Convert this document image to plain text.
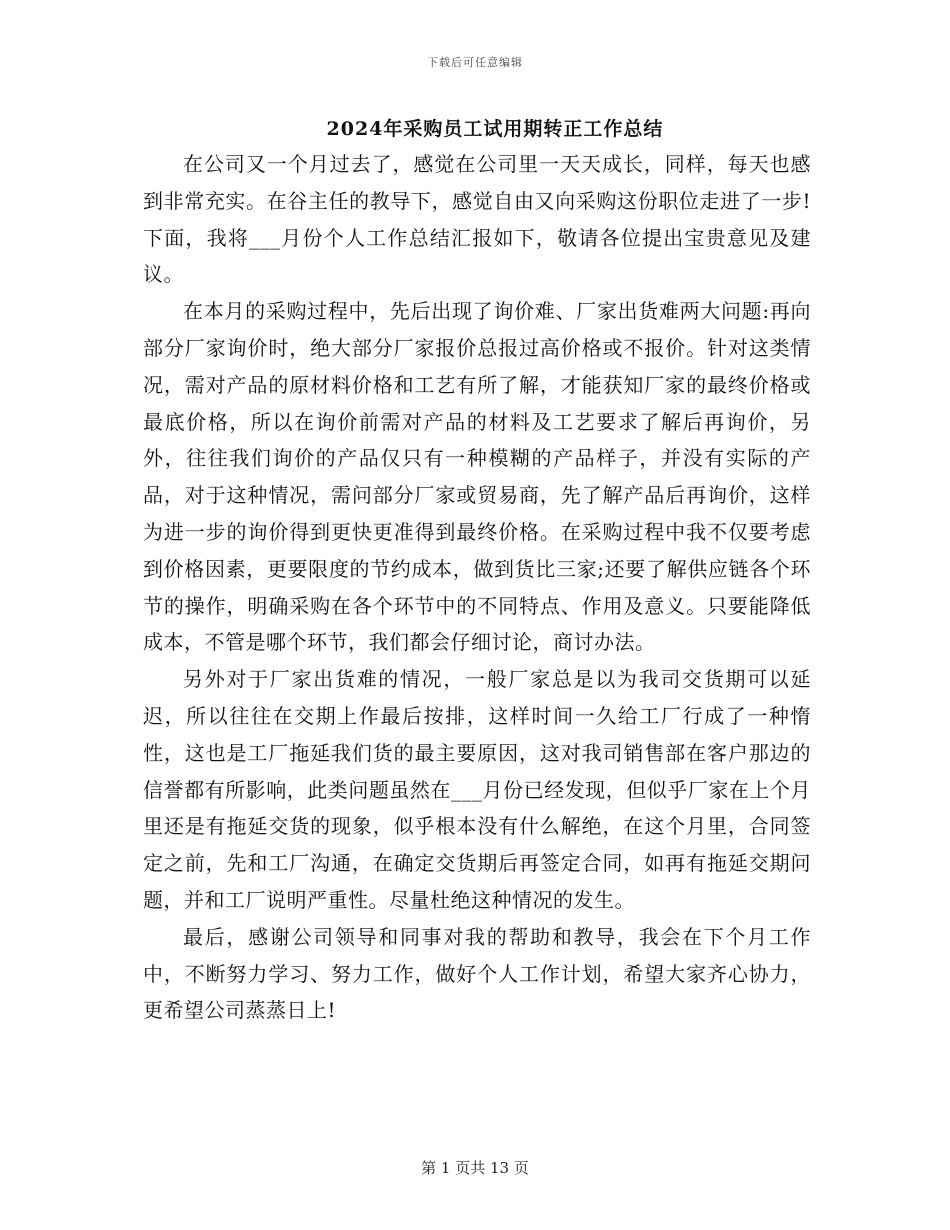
下载后可任意编辑
2024年采购员工试用期转正工作总结

在公司又一个月过去了，感觉在公司里一天天成长，同样，每天也感到非常充实。在谷主任的教导下，感觉自由又向采购这份职位走进了一步!下面，我将___月份个人工作总结汇报如下，敬请各位提出宝贵意见及建议。

在本月的采购过程中，先后出现了询价难、厂家出货难两大问题:再向部分厂家询价时，绝大部分厂家报价总报过高价格或不报价。针对这类情况，需对产品的原材料价格和工艺有所了解，才能获知厂家的最终价格或最底价格，所以在询价前需对产品的材料及工艺要求了解后再询价，另外，往往我们询价的产品仅只有一种模糊的产品样子，并没有实际的产品，对于这种情况，需问部分厂家或贸易商，先了解产品后再询价，这样为进一步的询价得到更快更准得到最终价格。在采购过程中我不仅要考虑到价格因素，更要限度的节约成本，做到货比三家;还要了解供应链各个环节的操作，明确采购在各个环节中的不同特点、作用及意义。只要能降低成本，不管是哪个环节，我们都会仔细讨论，商讨办法。

另外对于厂家出货难的情况，一般厂家总是以为我司交货期可以延迟，所以往往在交期上作最后按排，这样时间一久给工厂行成了一种惰性，这也是工厂拖延我们货的最主要原因，这对我司销售部在客户那边的信誉都有所影响，此类问题虽然在___月份已经发现，但似乎厂家在上个月里还是有拖延交货的现象，似乎根本没有什么解绝，在这个月里，合同签定之前，先和工厂沟通，在确定交货期后再签定合同，如再有拖延交期问题，并和工厂说明严重性。尽量杜绝这种情况的发生。

最后，感谢公司领导和同事对我的帮助和教导，我会在下个月工作中，不断努力学习、努力工作，做好个人工作计划，希望大家齐心协力，更希望公司蒸蒸日上!

第 1 页共 13 页
